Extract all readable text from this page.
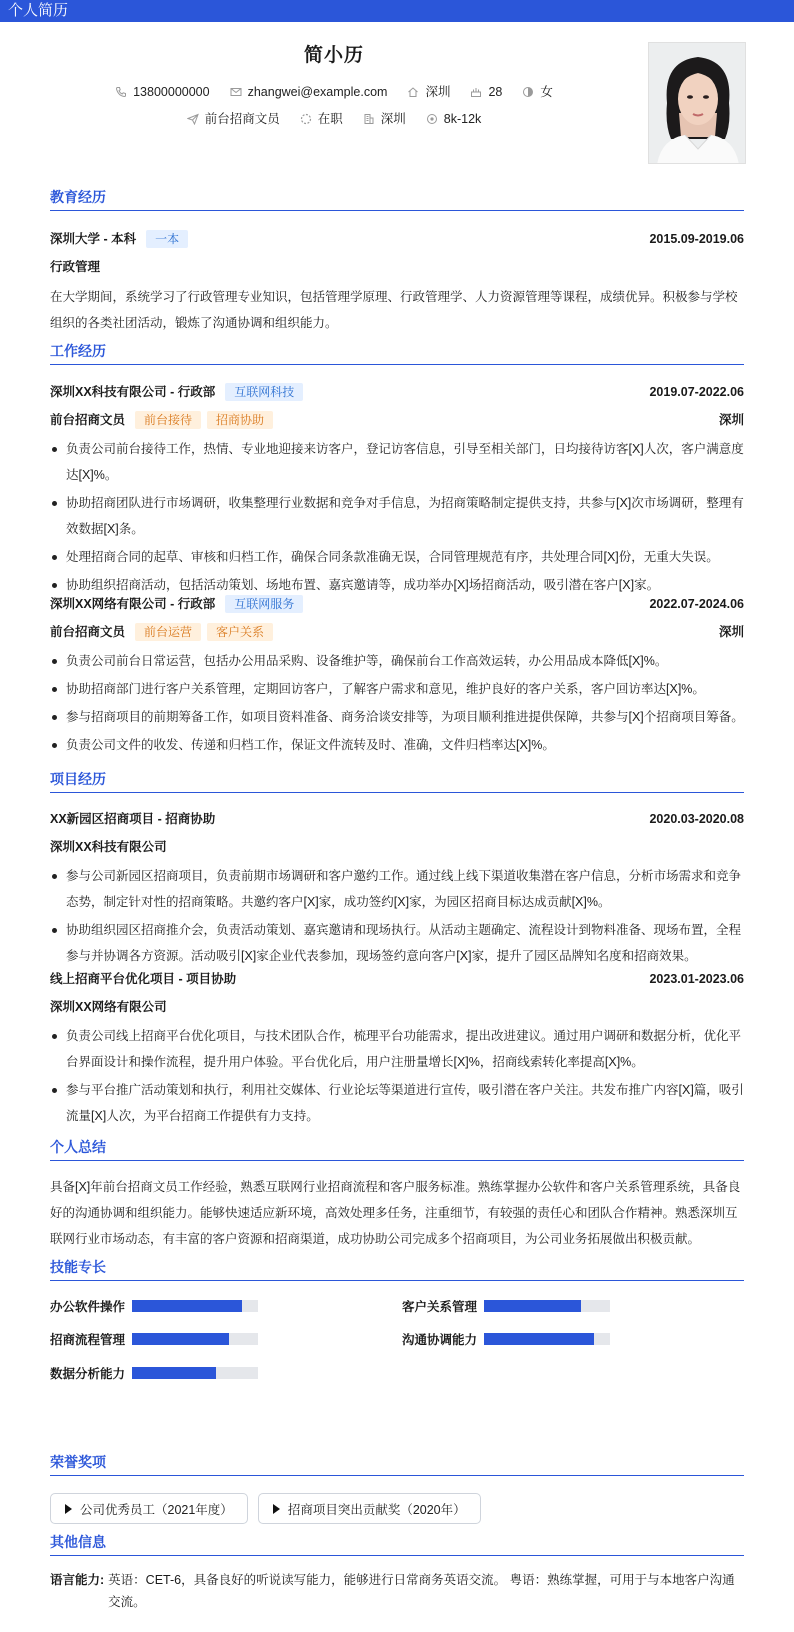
个人简历
简小历
13800000000	zhangwei@example.com	深圳	28	女
前台招商文员	在职	深圳	8k-12k
教育经历
深圳大学 - 本科	一本	2015.09-2019.06
行政管理
在大学期间，系统学习了行政管理专业知识，包括管理学原理、行政管理学、人力资源管理等课程，成绩优异。积极参与学校组织的各类社团活动，锻炼了沟通协调和组织能力。
工作经历
深圳XX科技有限公司 - 行政部	互联网科技	2019.07-2022.06
前台招商文员	前台接待	招商协助	深圳
负责公司前台接待工作，热情、专业地迎接来访客户，登记访客信息，引导至相关部门，日均接待访客[X]人次，客户满意度达[X]%。
协助招商团队进行市场调研，收集整理行业数据和竞争对手信息，为招商策略制定提供支持，共参与[X]次市场调研，整理有效数据[X]条。
处理招商合同的起草、审核和归档工作，确保合同条款准确无误，合同管理规范有序，共处理合同[X]份，无重大失误。
协助组织招商活动，包括活动策划、场地布置、嘉宾邀请等，成功举办[X]场招商活动，吸引潜在客户[X]家。
深圳XX网络有限公司 - 行政部	互联网服务	2022.07-2024.06
前台招商文员	前台运营	客户关系	深圳
负责公司前台日常运营，包括办公用品采购、设备维护等，确保前台工作高效运转，办公用品成本降低[X]%。
协助招商部门进行客户关系管理，定期回访客户，了解客户需求和意见，维护良好的客户关系，客户回访率达[X]%。
参与招商项目的前期筹备工作，如项目资料准备、商务洽谈安排等，为项目顺利推进提供保障，共参与[X]个招商项目筹备。
负责公司文件的收发、传递和归档工作，保证文件流转及时、准确，文件归档率达[X]%。
项目经历
XX新园区招商项目 - 招商协助	2020.03-2020.08
深圳XX科技有限公司
参与公司新园区招商项目，负责前期市场调研和客户邀约工作。通过线上线下渠道收集潜在客户信息，分析市场需求和竞争态势，制定针对性的招商策略。共邀约客户[X]家，成功签约[X]家，为园区招商目标达成贡献[X]%。
协助组织园区招商推介会，负责活动策划、嘉宾邀请和现场执行。从活动主题确定、流程设计到物料准备、现场布置，全程参与并协调各方资源。活动吸引[X]家企业代表参加，现场签约意向客户[X]家，提升了园区品牌知名度和招商效果。
线上招商平台优化项目 - 项目协助	2023.01-2023.06
深圳XX网络有限公司
负责公司线上招商平台优化项目，与技术团队合作，梳理平台功能需求，提出改进建议。通过用户调研和数据分析，优化平台界面设计和操作流程，提升用户体验。平台优化后，用户注册量增长[X]%，招商线索转化率提高[X]%。
参与平台推广活动策划和执行，利用社交媒体、行业论坛等渠道进行宣传，吸引潜在客户关注。共发布推广内容[X]篇，吸引流量[X]人次，为平台招商工作提供有力支持。
个人总结
具备[X]年前台招商文员工作经验，熟悉互联网行业招商流程和客户服务标准。熟练掌握办公软件和客户关系管理系统，具备良好的沟通协调和组织能力。能够快速适应新环境，高效处理多任务，注重细节，有较强的责任心和团队合作精神。熟悉深圳互联网行业市场动态，有丰富的客户资源和招商渠道，成功协助公司完成多个招商项目，为公司业务拓展做出积极贡献。
技能专长
办公软件操作	客户关系管理
招商流程管理	沟通协调能力
数据分析能力
荣誉奖项
公司优秀员工（2021年度）	招商项目突出贡献奖（2020年）
其他信息
语言能力: 英语：CET-6，具备良好的听说读写能力，能够进行日常商务英语交流。 粤语：熟练掌握，可用于与本地客户沟通交流。
